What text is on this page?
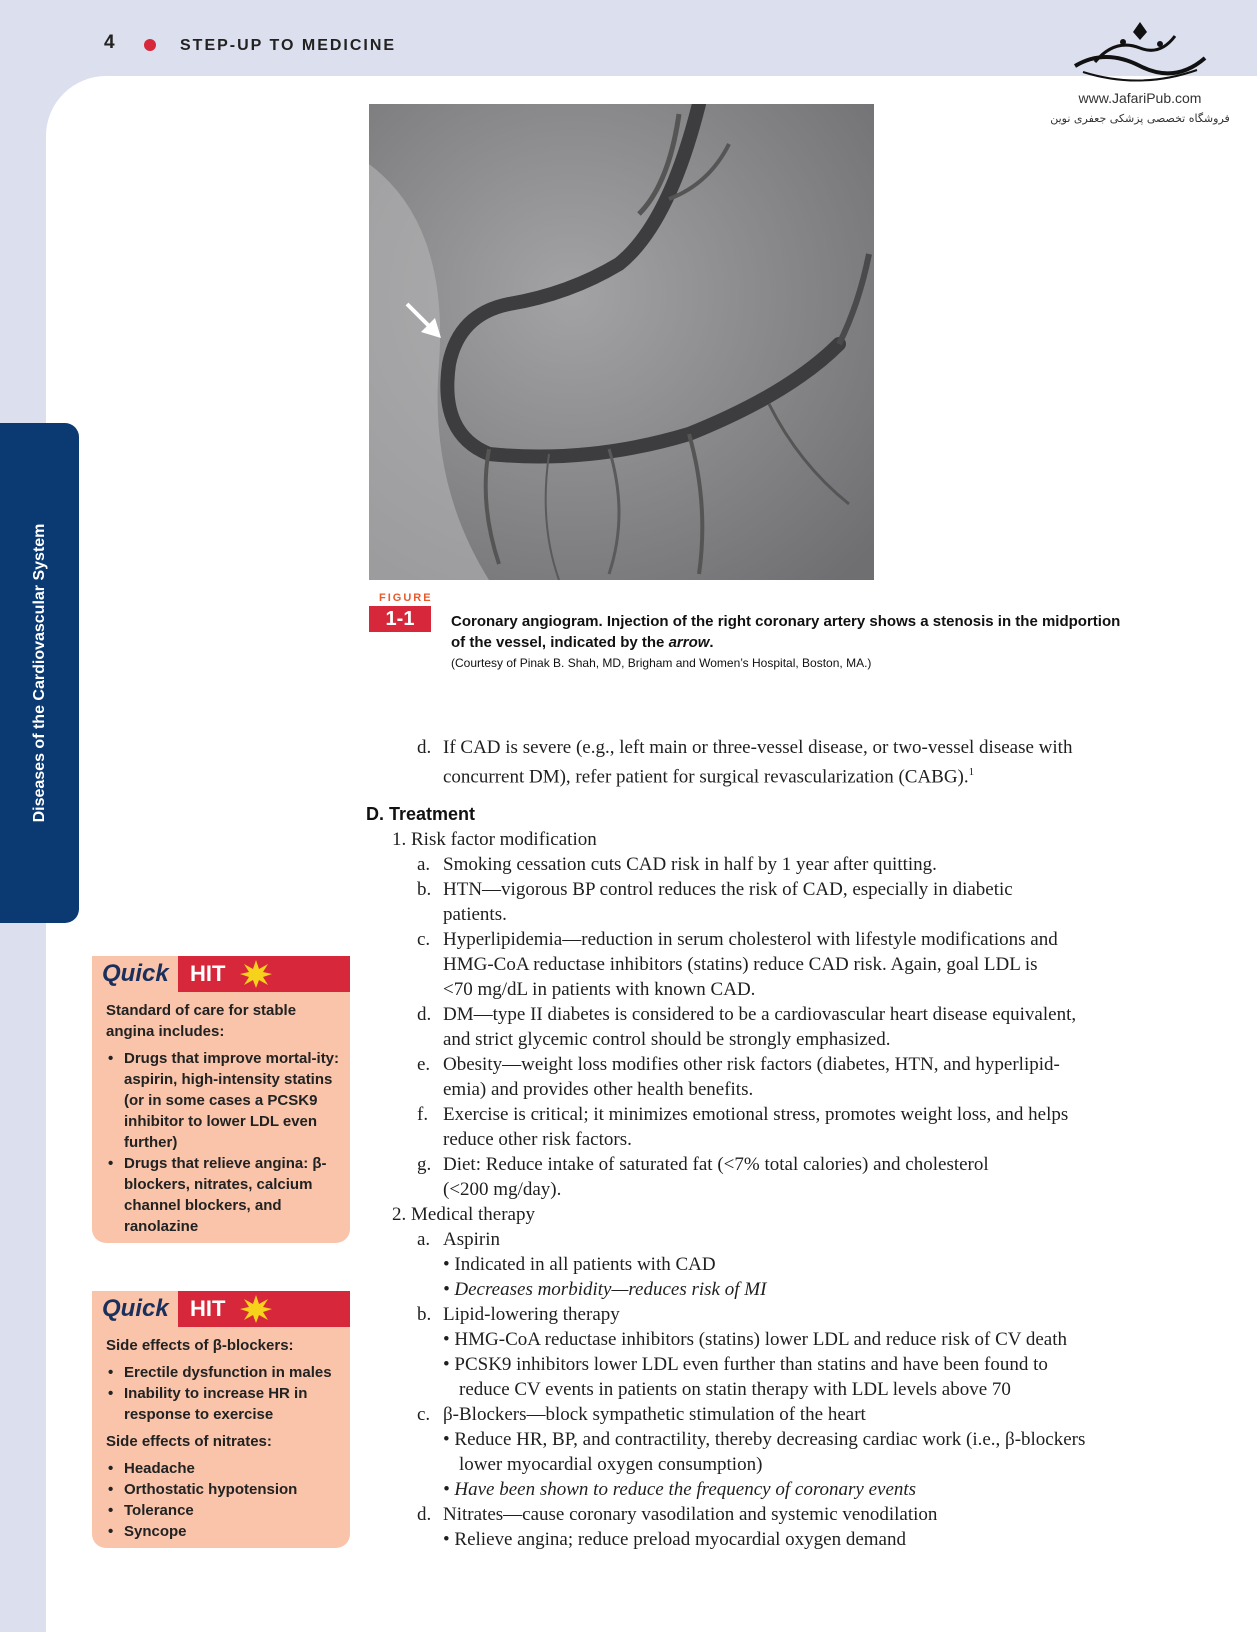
4	STEP-UP TO MEDICINE
www.JafariPub.com
فروشگاه تخصصی پزشکی جعفری نوین
Diseases of the Cardiovascular System	FIGURE
1-1	Coronary angiogram. Injection of the right coronary artery shows a stenosis in the midportion
of the vessel, indicated by the arrow.
(Courtesy of Pinak B. Shah, MD, Brigham and Women’s Hospital, Boston, MA.)
d. If CAD is severe (e.g., left main or three-vessel disease, or two-vessel disease with
concurrent DM), refer patient for surgical revascularization (CABG).$^1$
D. Treatment
1. Risk factor modification
a. Smoking cessation cuts CAD risk in half by 1 year after quitting.
b. HTN—vigorous BP control reduces the risk of CAD, especially in diabetic
patients.
c. Hyperlipidemia—reduction in serum cholesterol with lifestyle modifications and
HMG-CoA reductase inhibitors (statins) reduce CAD risk. Again, goal LDL is
<70 mg/dL in patients with known CAD.
d. DM—type II diabetes is considered to be a cardiovascular heart disease equivalent,
and strict glycemic control should be strongly emphasized.
e. Obesity—weight loss modifies other risk factors (diabetes, HTN, and hyperlipid-
emia) and provides other health benefits.
f. Exercise is critical; it minimizes emotional stress, promotes weight loss, and helps
reduce other risk factors.
g. Diet: Reduce intake of saturated fat (<7% total calories) and cholesterol
(<200 mg/day).
2. Medical therapy
a. Aspirin
• Indicated in all patients with CAD
• Decreases morbidity—reduces risk of MI
b. Lipid-lowering therapy
• HMG-CoA reductase inhibitors (statins) lower LDL and reduce risk of CV death
• PCSK9 inhibitors lower LDL even further than statins and have been found to
reduce CV events in patients on statin therapy with LDL levels above 70
c. β-Blockers—block sympathetic stimulation of the heart
• Reduce HR, BP, and contractility, thereby decreasing cardiac work (i.e., β-blockers
lower myocardial oxygen consumption)
• Have been shown to reduce the frequency of coronary events
d. Nitrates—cause coronary vasodilation and systemic venodilation
• Relieve angina; reduce preload myocardial oxygen demand
Quick HIT

Standard of care for stable angina includes:

• Drugs that improve mortal-ity: aspirin, high-intensity statins (or in some cases a PCSK9 inhibitor to lower LDL even further)
• Drugs that relieve angina: β-blockers, nitrates, calcium channel blockers, and ranolazine
Quick HIT

Side effects of β-blockers:

• Erectile dysfunction in males
• Inability to increase HR in response to exercise

Side effects of nitrates:

• Headache
• Orthostatic hypotension
• Tolerance
• Syncope
